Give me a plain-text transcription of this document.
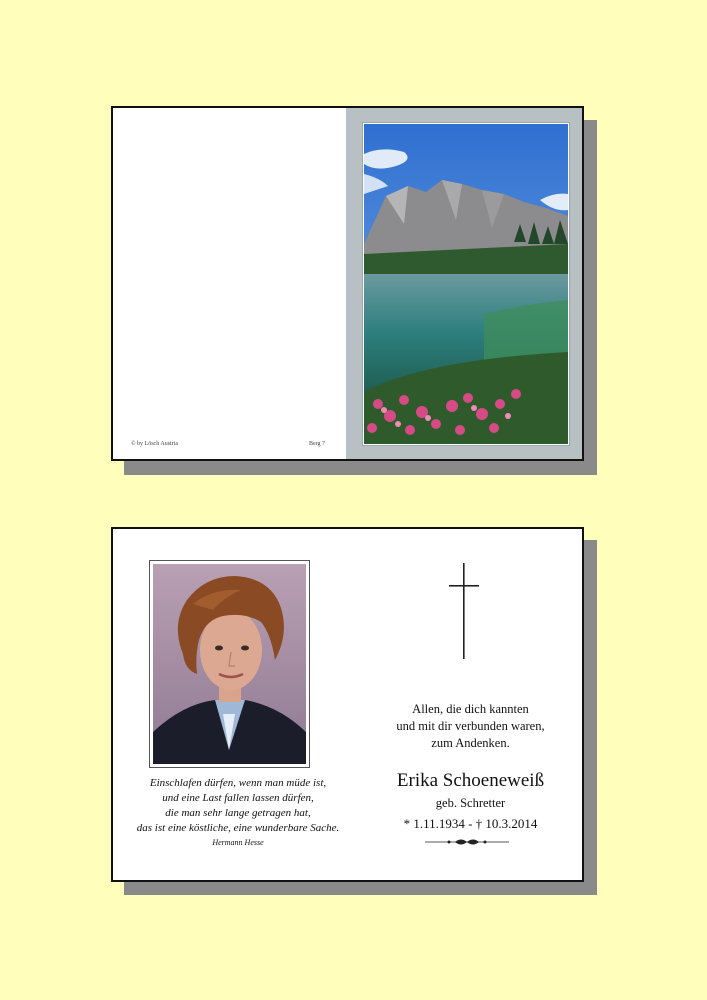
© by Lösch Austria	Berg 7
Einschlafen dürfen, wenn man müde ist,
und eine Last fallen lassen dürfen,
die man sehr lange getragen hat,
das ist eine köstliche, eine wunderbare Sache.
Hermann Hesse
Allen, die dich kannten
und mit dir verbunden waren,
zum Andenken.
Erika Schoeneweiß
geb. Schretter
* 1.11.1934 - † 10.3.2014
